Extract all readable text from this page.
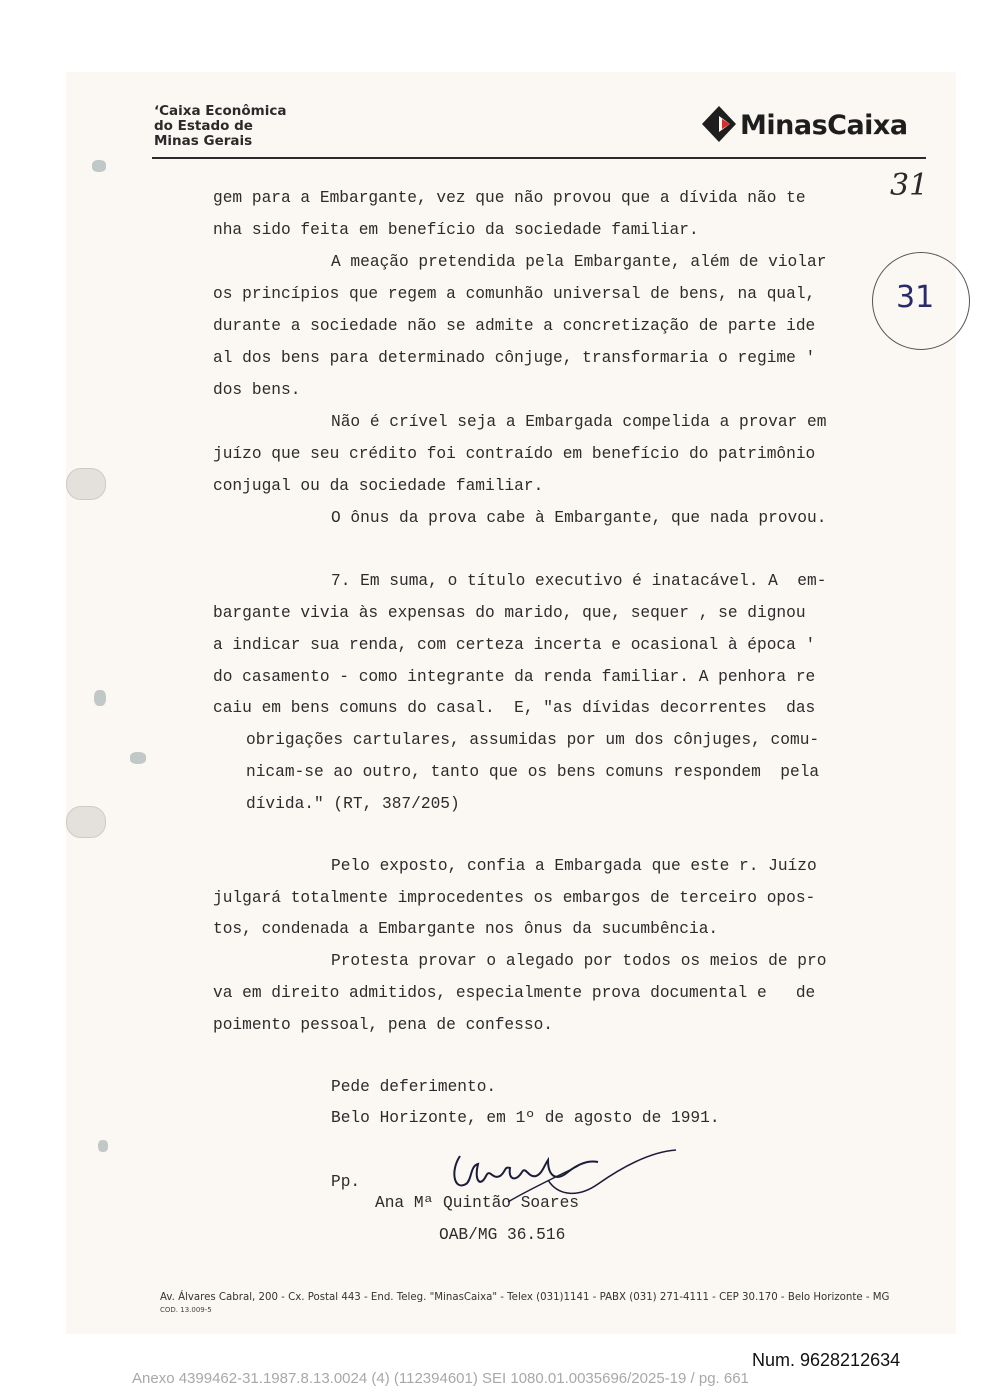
ʻCaixa Econômica
do Estado de
Minas Gerais	MinasCaixa
31
31
gem para a Embargante, vez que não provou que a dívida não te
nha sido feita em benefício da sociedade familiar.
A meação pretendida pela Embargante, além de violar
os princípios que regem a comunhão universal de bens, na qual,
durante a sociedade não se admite a concretização de parte ide
al dos bens para determinado cônjuge, transformaria o regime '
dos bens.
Não é crível seja a Embargada compelida a provar em
juízo que seu crédito foi contraído em benefício do patrimônio
conjugal ou da sociedade familiar.
O ônus da prova cabe à Embargante, que nada provou.
7. Em suma, o título executivo é inatacável. A  em-
bargante vivia às expensas do marido, que, sequer , se dignou
a indicar sua renda, com certeza incerta e ocasional à época '
do casamento - como integrante da renda familiar. A penhora re
caiu em bens comuns do casal.  E, "as dívidas decorrentes  das
obrigações cartulares, assumidas por um dos cônjuges, comu-
nicam-se ao outro, tanto que os bens comuns respondem  pela
dívida." (RT, 387/205)
Pelo exposto, confia a Embargada que este r. Juízo
julgará totalmente improcedentes os embargos de terceiro opos-
tos, condenada a Embargante nos ônus da sucumbência.
Protesta provar o alegado por todos os meios de pro
va em direito admitidos, especialmente prova documental e   de
poimento pessoal, pena de confesso.
Pede deferimento.
Belo Horizonte, em 1º de agosto de 1991.
Pp.
Ana Mª Quintão Soares
OAB/MG 36.516
Av. Álvares Cabral, 200 - Cx. Postal 443 - End. Teleg. "MinasCaixa" - Telex (031)1141 - PABX (031) 271-4111 - CEP 30.170 - Belo Horizonte - MG
COD. 13.009-5
Num. 9628212634
Anexo 4399462-31.1987.8.13.0024 (4) (112394601) SEI 1080.01.0035696/2025-19 / pg. 661
